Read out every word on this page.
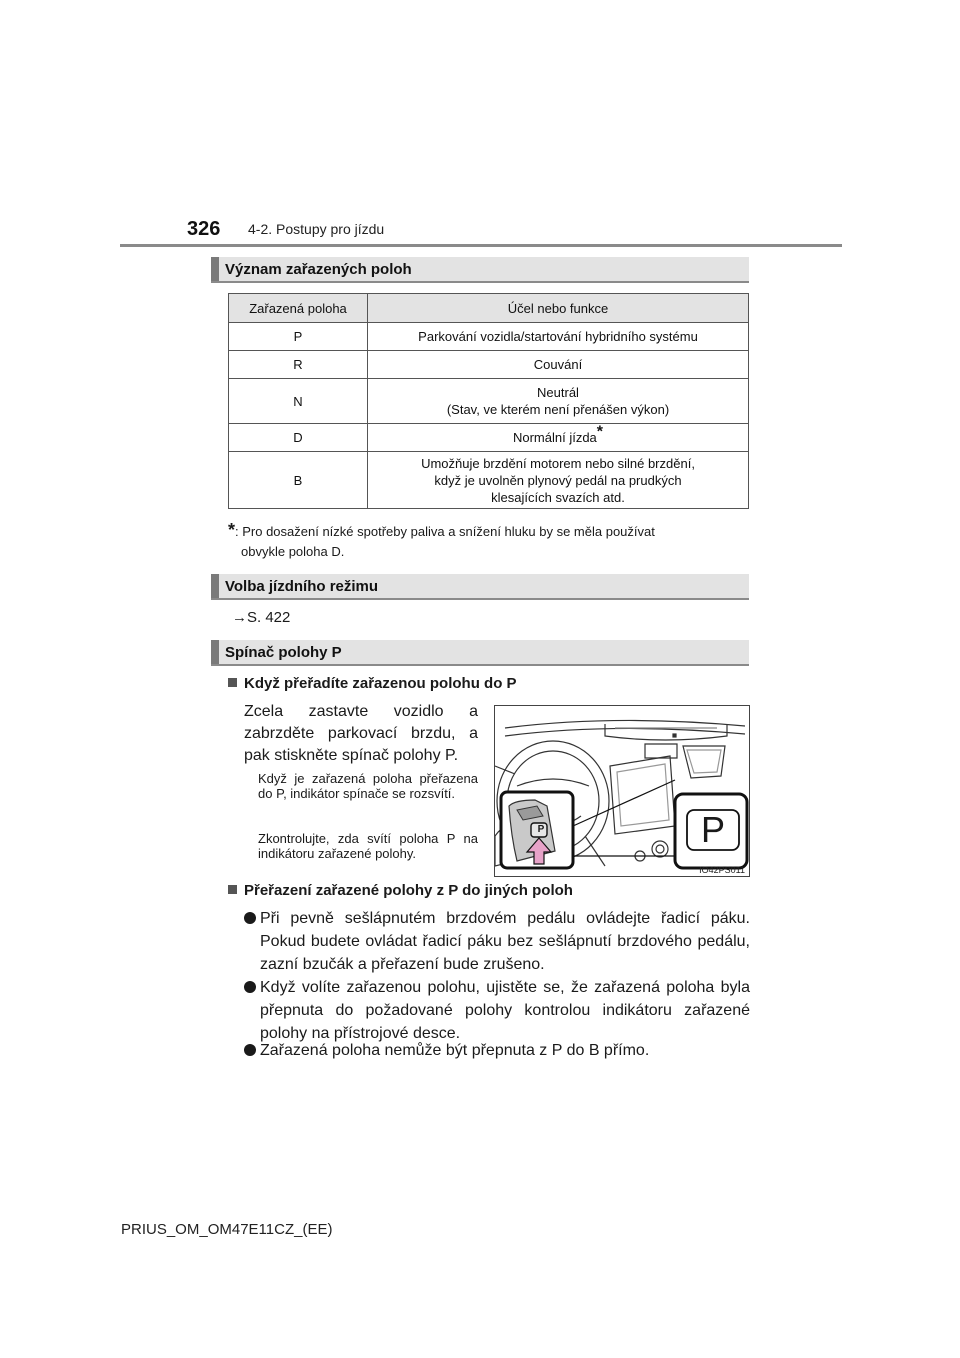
326 4-2. Postupy pro jízdu
Význam zařazených poloh
Zařazená poloha	Účel nebo funkce
P	Parkování vozidla/startování hybridního systému
R	Couvání
N	Neutrál
(Stav, ve kterém není přenášen výkon)
D	Normální jízda*
B	Umožňuje brzdění motorem nebo silné brzdění,
když je uvolněn plynový pedál na prudkých
klesajících svazích atd.
*: Pro dosažení nízké spotřeby paliva a snížení hluku by se měla používat
obvykle poloha D.
Volba jízdního režimu
→S. 422
Spínač polohy P
Když přeřadíte zařazenou polohu do P
Zcela zastavte vozidlo a zabrzděte parkovací brzdu, a pak stiskněte spínač polohy P.
Když je zařazená poloha přeřazena do P, indikátor spínače se rozsvítí.
Zkontrolujte, zda svítí poloha P na indikátoru zařazené polohy.
P	P
IO42PS011
Přeřazení zařazené polohy z P do jiných poloh
Při pevně sešlápnutém brzdovém pedálu ovládejte řadicí páku. Pokud budete ovládat řadicí páku bez sešlápnutí brzdového pedálu, zazní bzučák a přeřazení bude zrušeno.
Když volíte zařazenou polohu, ujistěte se, že zařazená poloha byla přepnuta do požadované polohy kontrolou indikátoru zařazené polohy na přístrojové desce.
Zařazená poloha nemůže být přepnuta z P do B přímo.
PRIUS_OM_OM47E11CZ_(EE)
